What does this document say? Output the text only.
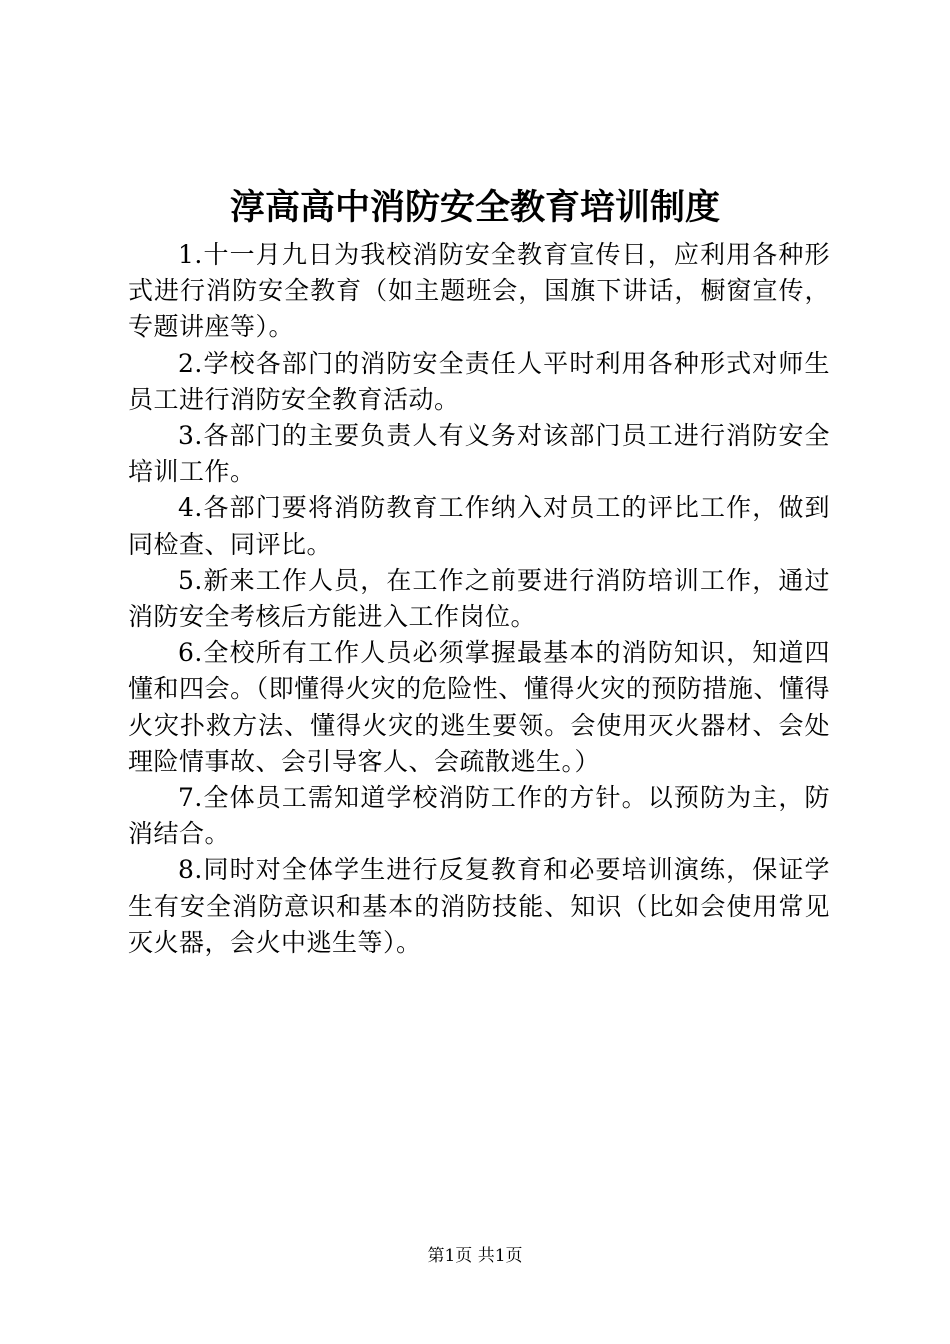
淳高高中消防安全教育培训制度

1.十一月九日为我校消防安全教育宣传日，应利用各种形式进行消防安全教育（如主题班会，国旗下讲话，橱窗宣传，专题讲座等）。

2.学校各部门的消防安全责任人平时利用各种形式对师生员工进行消防安全教育活动。

3.各部门的主要负责人有义务对该部门员工进行消防安全培训工作。

4.各部门要将消防教育工作纳入对员工的评比工作，做到同检查、同评比。

5.新来工作人员，在工作之前要进行消防培训工作，通过消防安全考核后方能进入工作岗位。

6.全校所有工作人员必须掌握最基本的消防知识，知道四懂和四会。（即懂得火灾的危险性、懂得火灾的预防措施、懂得火灾扑救方法、懂得火灾的逃生要领。会使用灭火器材、会处理险情事故、会引导客人、会疏散逃生。）

7.全体员工需知道学校消防工作的方针。以预防为主，防消结合。

8.同时对全体学生进行反复教育和必要培训演练，保证学生有安全消防意识和基本的消防技能、知识（比如会使用常见灭火器，会火中逃生等）。

第1页 共1页
